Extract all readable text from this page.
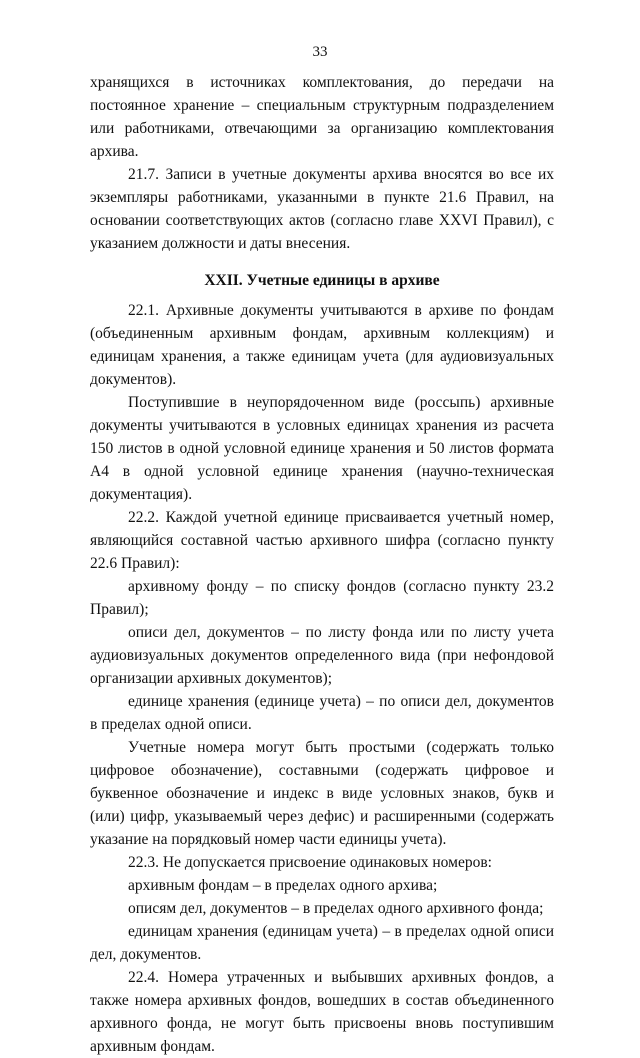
33

хранящихся в источниках комплектования, до передачи на постоянное хранение – специальным структурным подразделением или работниками, отвечающими за организацию комплектования архива.

21.7. Записи в учетные документы архива вносятся во все их экземпляры работниками, указанными в пункте 21.6 Правил, на основании соответствующих актов (согласно главе XXVI Правил), с указанием должности и даты внесения.

XXII. Учетные единицы в архиве

22.1. Архивные документы учитываются в архиве по фондам (объединенным архивным фондам, архивным коллекциям) и единицам хранения, а также единицам учета (для аудиовизуальных документов).

Поступившие в неупорядоченном виде (россыпь) архивные документы учитываются в условных единицах хранения из расчета 150 листов в одной условной единице хранения и 50 листов формата А4 в одной условной единице хранения (научно-техническая документация).

22.2. Каждой учетной единице присваивается учетный номер, являющийся составной частью архивного шифра (согласно пункту 22.6 Правил):

архивному фонду – по списку фондов (согласно пункту 23.2 Правил);

описи дел, документов – по листу фонда или по листу учета аудиовизуальных документов определенного вида (при нефондовой организации архивных документов);

единице хранения (единице учета) – по описи дел, документов в пределах одной описи.

Учетные номера могут быть простыми (содержать только цифровое обозначение), составными (содержать цифровое и буквенное обозначение и индекс в виде условных знаков, букв и (или) цифр, указываемый через дефис) и расширенными (содержать указание на порядковый номер части единицы учета).

22.3. Не допускается присвоение одинаковых номеров:

архивным фондам – в пределах одного архива;

описям дел, документов – в пределах одного архивного фонда;

единицам хранения (единицам учета) – в пределах одной описи дел, документов.

22.4. Номера утраченных и выбывших архивных фондов, а также номера архивных фондов, вошедших в состав объединенного архивного фонда, не могут быть присвоены вновь поступившим архивным фондам.
